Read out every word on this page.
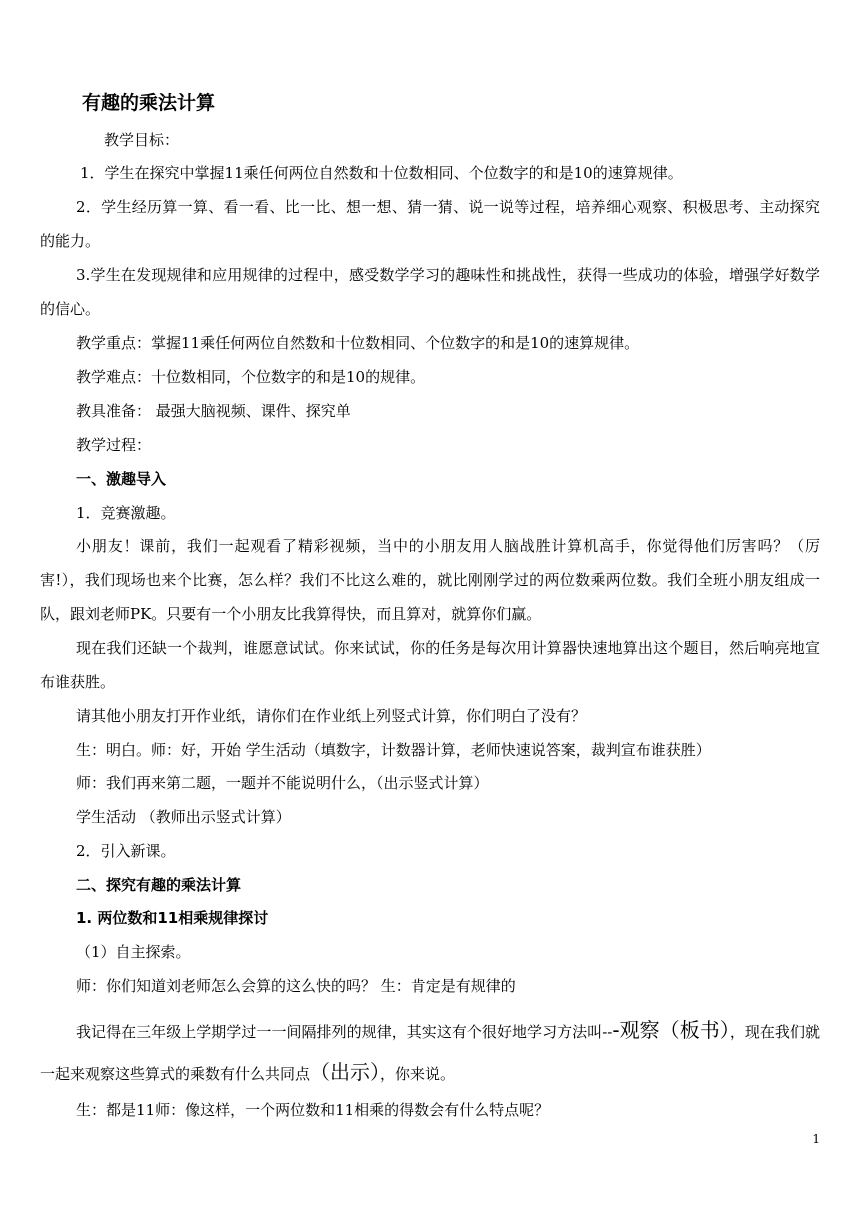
有趣的乘法计算
教学目标：
1．学生在探究中掌握11乘任何两位自然数和十位数相同、个位数字的和是10的速算规律。
2．学生经历算一算、看一看、比一比、想一想、猜一猜、说一说等过程，培养细心观察、积极思考、主动探究的能力。
3.学生在发现规律和应用规律的过程中，感受数学学习的趣味性和挑战性，获得一些成功的体验，增强学好数学的信心。
教学重点：掌握11乘任何两位自然数和十位数相同、个位数字的和是10的速算规律。
教学难点：十位数相同，个位数字的和是10的规律。
教具准备： 最强大脑视频、课件、探究单
教学过程：
一、激趣导入
1．竞赛激趣。
小朋友！课前，我们一起观看了精彩视频，当中的小朋友用人脑战胜计算机高手，你觉得他们厉害吗？（厉害!），我们现场也来个比赛，怎么样？我们不比这么难的，就比刚刚学过的两位数乘两位数。我们全班小朋友组成一队，跟刘老师PK。只要有一个小朋友比我算得快，而且算对，就算你们赢。
现在我们还缺一个裁判，谁愿意试试。你来试试，你的任务是每次用计算器快速地算出这个题目，然后响亮地宣布谁获胜。
请其他小朋友打开作业纸，请你们在作业纸上列竖式计算，你们明白了没有？
生：明白。师：好，开始 学生活动（填数字，计数器计算，老师快速说答案，裁判宣布谁获胜）
师：我们再来第二题，一题并不能说明什么，（出示竖式计算）
学生活动 （教师出示竖式计算）
2．引入新课。
二、探究有趣的乘法计算
1. 两位数和11相乘规律探讨
（1）自主探索。
师：你们知道刘老师怎么会算的这么快的吗？ 生：肯定是有规律的
我记得在三年级上学期学过一一间隔排列的规律，其实这有个很好地学习方法叫---观察（板书），现在我们就一起来观察这些算式的乘数有什么共同点（出示），你来说。
生：都是11师：像这样，一个两位数和11相乘的得数会有什么特点呢？
1
